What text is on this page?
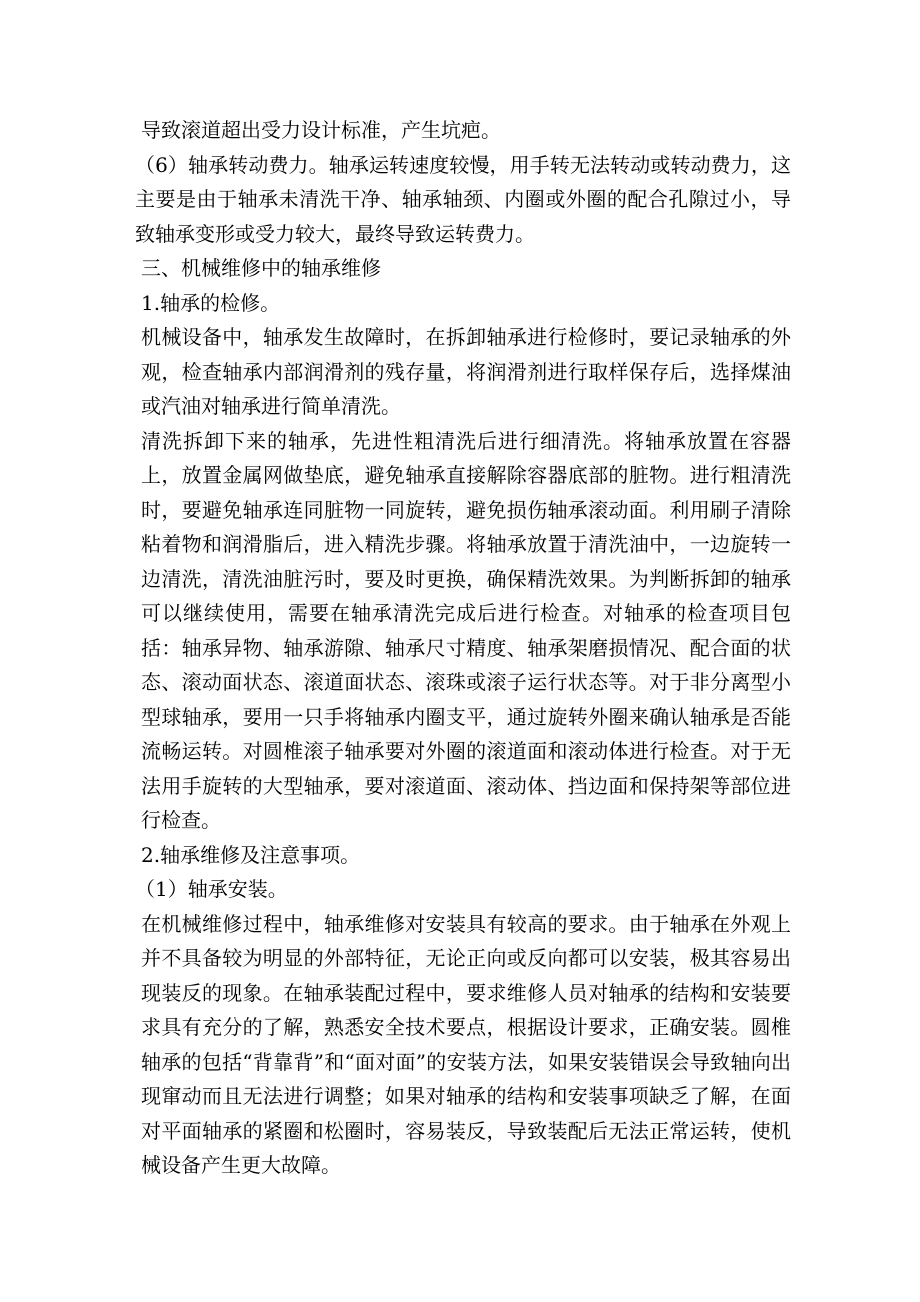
导致滚道超出受力设计标准，产生坑疤。

（6）轴承转动费力。轴承运转速度较慢，用手转无法转动或转动费力，这主要是由于轴承未清洗干净、轴承轴颈、内圈或外圈的配合孔隙过小，导致轴承变形或受力较大，最终导致运转费力。

三、机械维修中的轴承维修

1.轴承的检修。

机械设备中，轴承发生故障时，在拆卸轴承进行检修时，要记录轴承的外观，检查轴承内部润滑剂的残存量，将润滑剂进行取样保存后，选择煤油或汽油对轴承进行简单清洗。

清洗拆卸下来的轴承，先进性粗清洗后进行细清洗。将轴承放置在容器上，放置金属网做垫底，避免轴承直接解除容器底部的脏物。进行粗清洗时，要避免轴承连同脏物一同旋转，避免损伤轴承滚动面。利用刷子清除粘着物和润滑脂后，进入精洗步骤。将轴承放置于清洗油中，一边旋转一边清洗，清洗油脏污时，要及时更换，确保精洗效果。为判断拆卸的轴承可以继续使用，需要在轴承清洗完成后进行检查。对轴承的检查项目包括：轴承异物、轴承游隙、轴承尺寸精度、轴承架磨损情况、配合面的状态、滚动面状态、滚道面状态、滚珠或滚子运行状态等。对于非分离型小型球轴承，要用一只手将轴承内圈支平，通过旋转外圈来确认轴承是否能流畅运转。对圆椎滚子轴承要对外圈的滚道面和滚动体进行检查。对于无法用手旋转的大型轴承，要对滚道面、滚动体、挡边面和保持架等部位进行检查。

2.轴承维修及注意事项。

（1）轴承安装。

在机械维修过程中，轴承维修对安装具有较高的要求。由于轴承在外观上并不具备较为明显的外部特征，无论正向或反向都可以安装，极其容易出现装反的现象。在轴承装配过程中，要求维修人员对轴承的结构和安装要求具有充分的了解，熟悉安全技术要点，根据设计要求，正确安装。圆椎轴承的包括“背靠背”和“面对面”的安装方法，如果安装错误会导致轴向出现窜动而且无法进行调整；如果对轴承的结构和安装事项缺乏了解，在面对平面轴承的紧圈和松圈时，容易装反，导致装配后无法正常运转，使机械设备产生更大故障。
